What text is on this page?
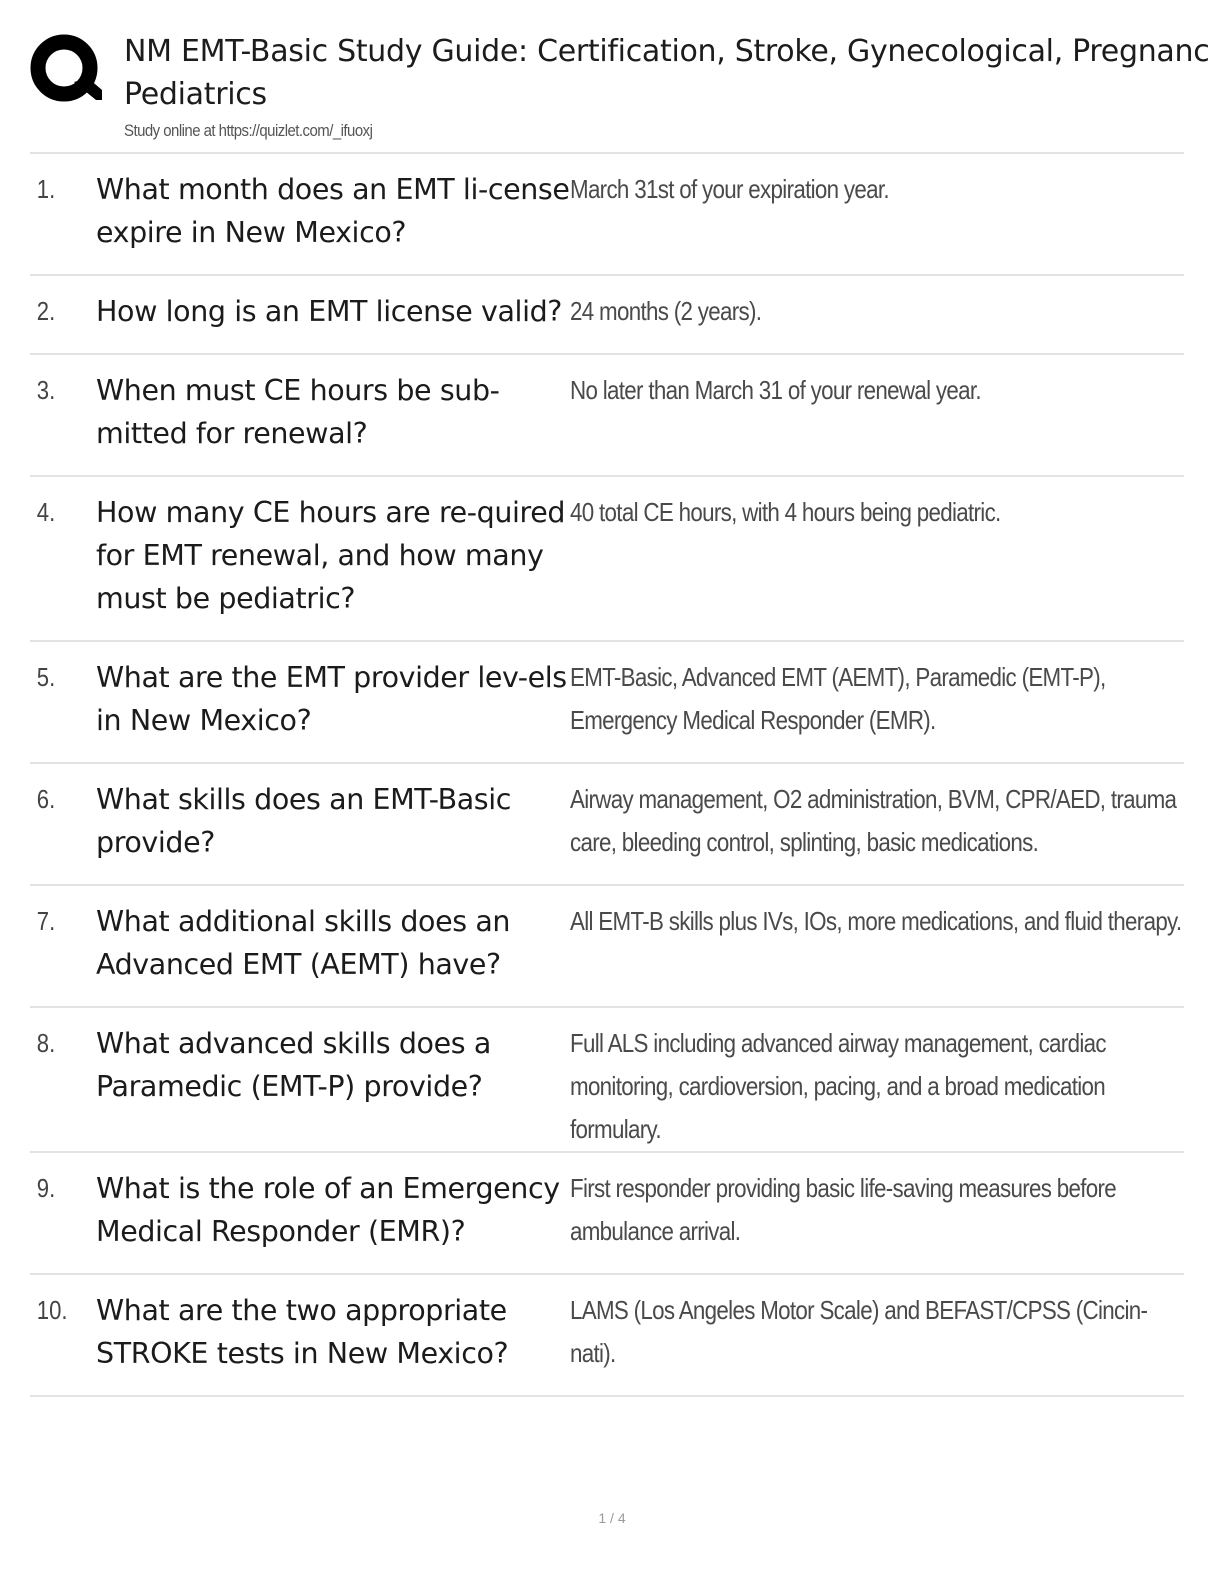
NM EMT-Basic Study Guide: Certification, Stroke, Gynecological, Pregnanc Pediatrics
Study online at https://quizlet.com/_ifuoxj
1.	What month does an EMT li-cense expire in New Mexico?
March 31st of your expiration year.
2.	How long is an EMT license valid? 24 months (2 years).
3.	When must CE hours be sub-mitted for renewal?
No later than March 31 of your renewal year.
4.	How many CE hours are re-quired for EMT renewal, and how many must be pediatric?
40 total CE hours, with 4 hours being pediatric.
5.	What are the EMT provider lev-els in New Mexico?
EMT-Basic, Advanced EMT (AEMT), Paramedic (EMT-P), Emergency Medical Responder (EMR).
6.	What skills does an EMT-Basic provide?
Airway management, O2 administration, BVM, CPR/AED, trauma care, bleeding control, splinting, basic medications.
7.	What additional skills does an Advanced EMT (AEMT) have?
All EMT-B skills plus IVs, IOs, more medications, and fluid therapy.
8.	What advanced skills does a Paramedic (EMT-P) provide?
Full ALS including advanced airway management, cardiac monitoring, cardioversion, pacing, and a broad medication formulary.
9.	What is the role of an Emergency Medical Responder (EMR)?
First responder providing basic life-saving measures before ambulance arrival.
10. What are the two appropriate STROKE tests in New Mexico?
LAMS (Los Angeles Motor Scale) and BEFAST/CPSS (Cincin-nati).
1 / 4
